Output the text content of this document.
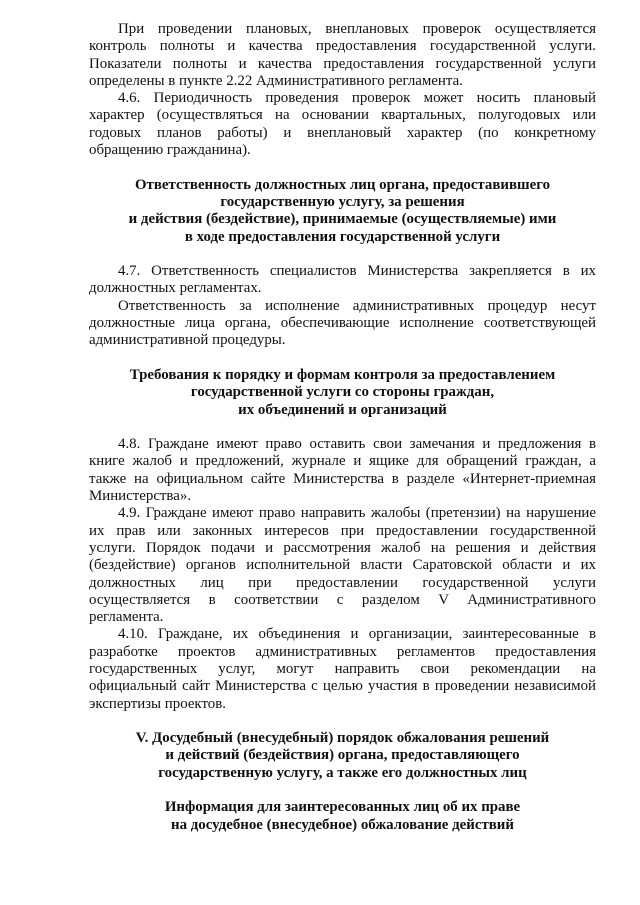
При проведении плановых, внеплановых проверок осуществляется
контроль полноты и качества предоставления государственной услуги.
Показатели полноты и качества предоставления государственной услуги
определены в пункте 2.22 Административного регламента.
4.6. Периодичность проведения проверок может носить плановый
характер (осуществляться на основании квартальных, полугодовых или
годовых планов работы) и внеплановый характер (по конкретному
обращению гражданина).
Ответственность должностных лиц органа, предоставившего
государственную услугу, за решения
и действия (бездействие), принимаемые (осуществляемые) ими
в ходе предоставления государственной услуги
4.7. Ответственность специалистов Министерства закрепляется в их
должностных регламентах.
Ответственность за исполнение административных процедур несут
должностные лица органа, обеспечивающие исполнение соответствующей
административной процедуры.
Требования к порядку и формам контроля за предоставлением
государственной услуги со стороны граждан,
их объединений и организаций
4.8. Граждане имеют право оставить свои замечания и предложения в
книге жалоб и предложений, журнале и ящике для обращений граждан, а
также на официальном сайте Министерства в разделе «Интернет-приемная
Министерства».
4.9. Граждане имеют право направить жалобы (претензии) на нарушение
их прав или законных интересов при предоставлении государственной
услуги. Порядок подачи и рассмотрения жалоб на решения и действия
(бездействие) органов исполнительной власти Саратовской области и их
должностных лиц при предоставлении государственной услуги
осуществляется в соответствии с разделом V Административного
регламента.
4.10. Граждане, их объединения и организации, заинтересованные в
разработке проектов административных регламентов предоставления
государственных услуг, могут направить свои рекомендации на
официальный сайт Министерства с целью участия в проведении независимой
экспертизы проектов.
V. Досудебный (внесудебный) порядок обжалования решений
и действий (бездействия) органа, предоставляющего
государственную услугу, а также его должностных лиц
Информация для заинтересованных лиц об их праве
на досудебное (внесудебное) обжалование действий
